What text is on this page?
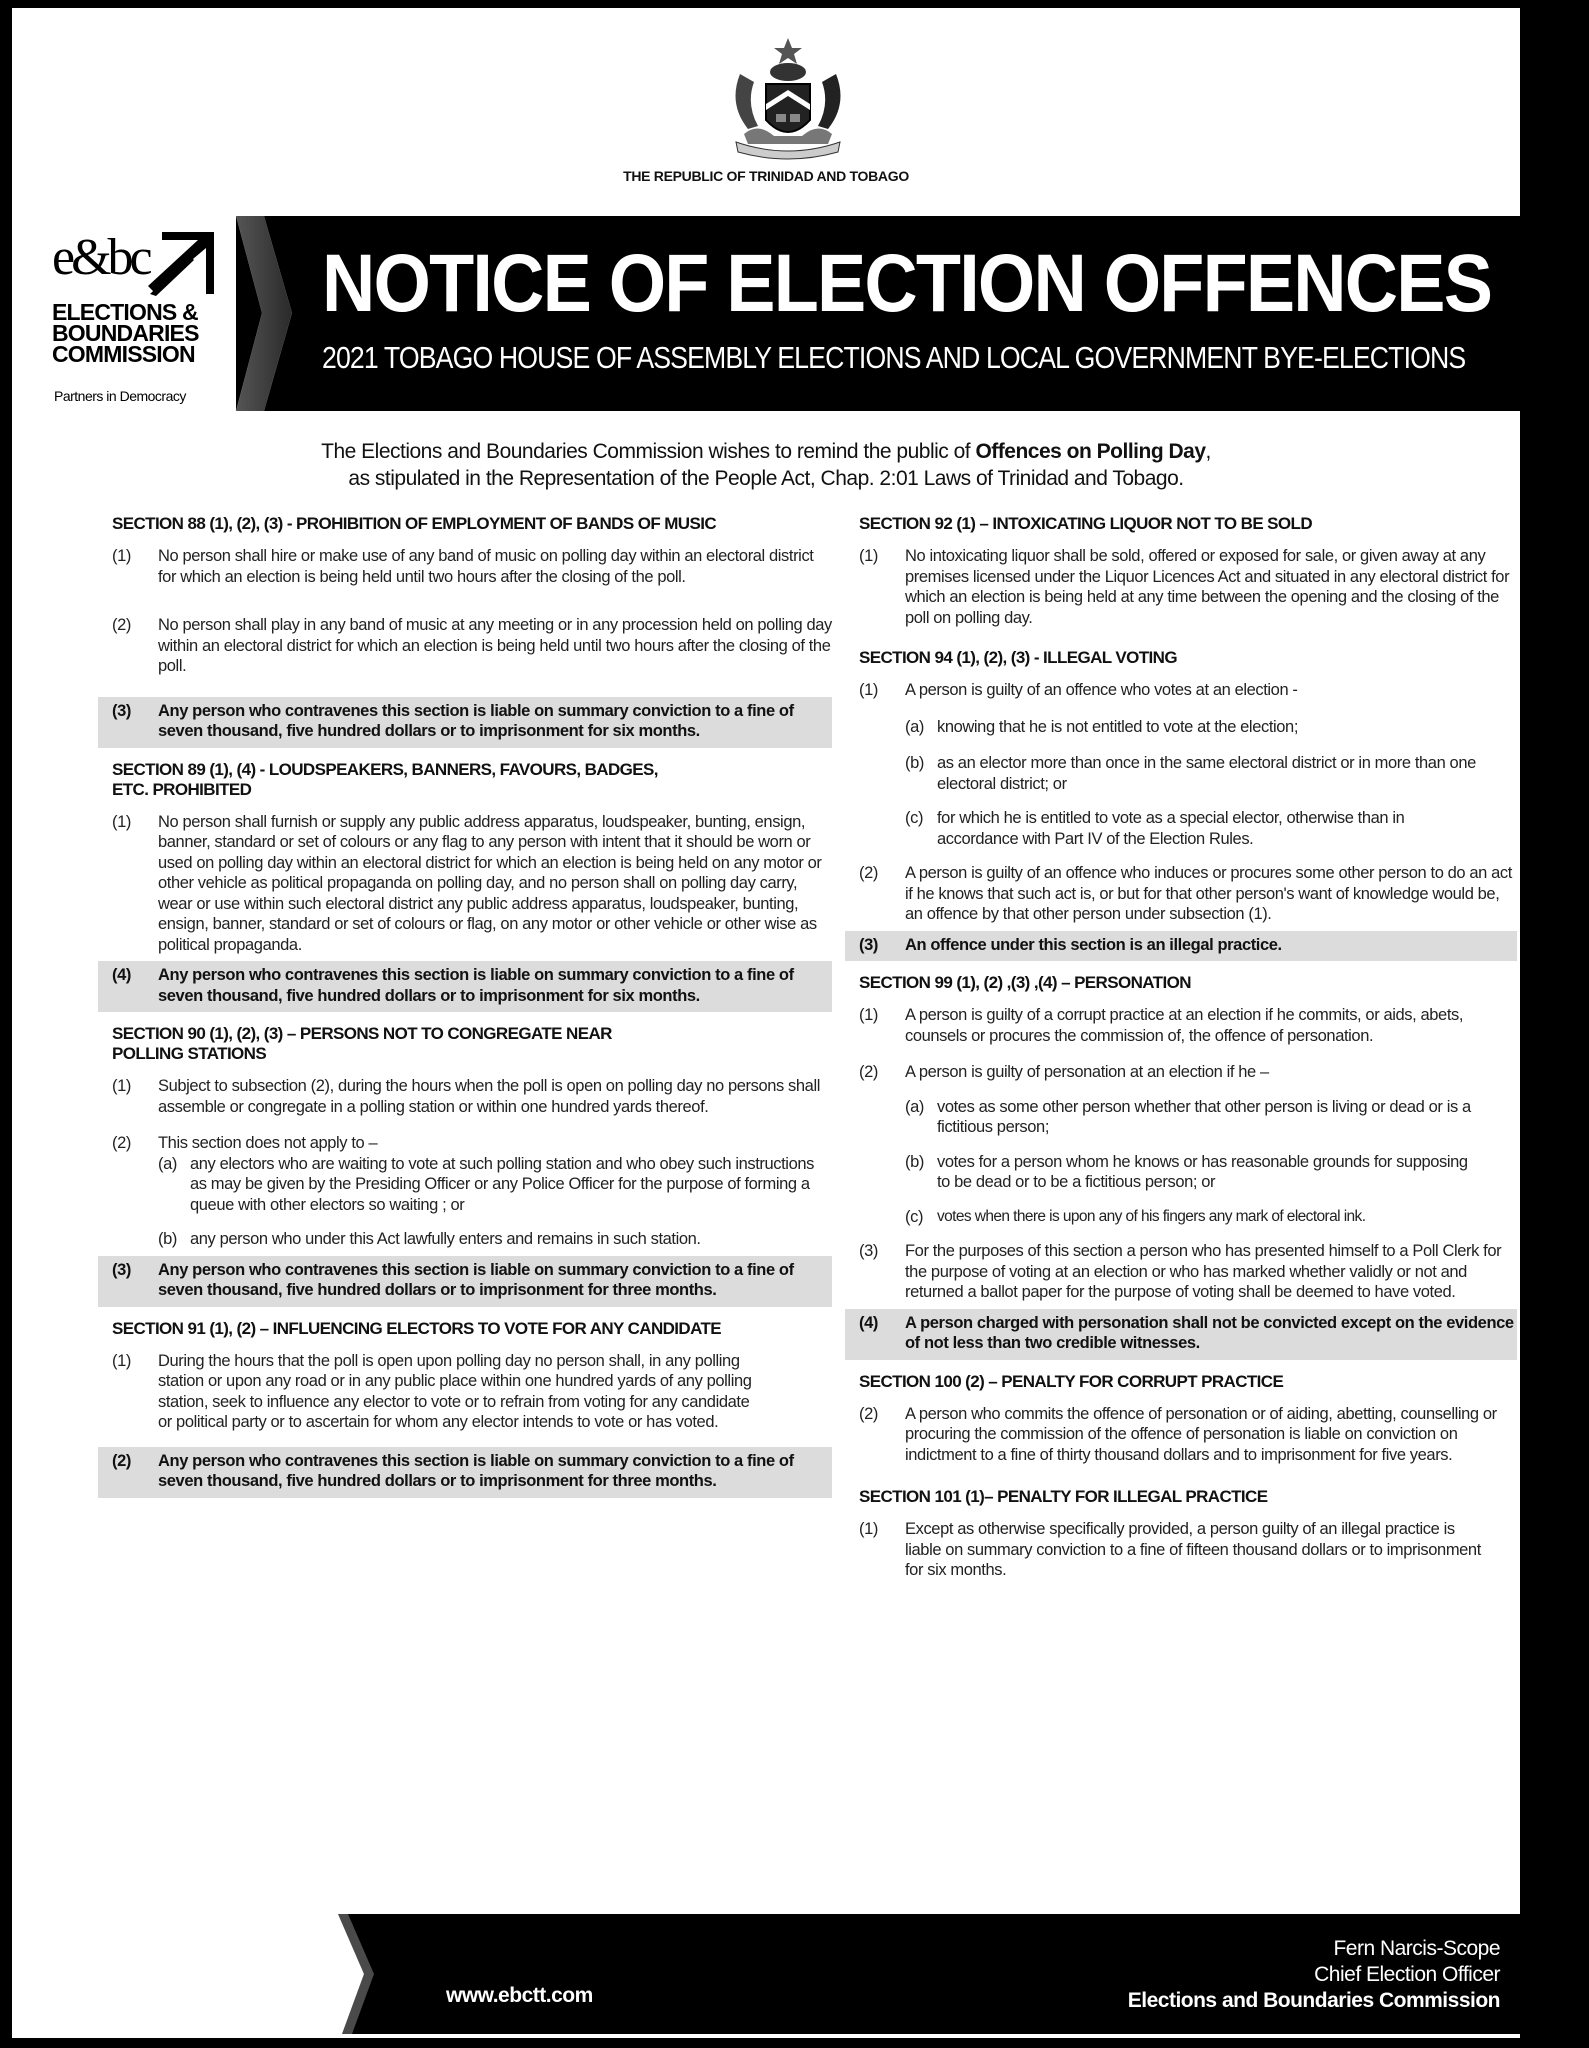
THE REPUBLIC OF TRINIDAD AND TOBAGO
e&bc
ELECTIONS &
BOUNDARIES
COMMISSION
Partners in Democracy
NOTICE OF ELECTION OFFENCES
2021 TOBAGO HOUSE OF ASSEMBLY ELECTIONS AND LOCAL GOVERNMENT BYE-ELECTIONS
The Elections and Boundaries Commission wishes to remind the public of Offences on Polling Day,
as stipulated in the Representation of the People Act, Chap. 2:01 Laws of Trinidad and Tobago.
SECTION 88 (1), (2), (3) - PROHIBITION OF EMPLOYMENT OF BANDS OF MUSIC
(1)	No person shall hire or make use of any band of music on polling day within an electoral district for which an election is being held until two hours after the closing of the poll.
(2)	No person shall play in any band of music at any meeting or in any procession held on polling day within an electoral district for which an election is being held until two hours after the closing of the poll.
(3)	Any person who contravenes this section is liable on summary conviction to a fine of seven thousand, five hundred dollars or to imprisonment for six months.
SECTION 89 (1), (4) - LOUDSPEAKERS, BANNERS, FAVOURS, BADGES, ETC. PROHIBITED
(1)	No person shall furnish or supply any public address apparatus, loudspeaker, bunting, ensign, banner, standard or set of colours or any flag to any person with intent that it should be worn or used on polling day within an electoral district for which an election is being held on any motor or other vehicle as political propaganda on polling day, and no person shall on polling day carry, wear or use within such electoral district any public address apparatus, loudspeaker, bunting, ensign, banner, standard or set of colours or flag, on any motor or other vehicle or other wise as political propaganda.
(4)	Any person who contravenes this section is liable on summary conviction to a fine of seven thousand, five hundred dollars or to imprisonment for six months.
SECTION 90 (1), (2), (3) – PERSONS NOT TO CONGREGATE NEAR POLLING STATIONS
(1)	Subject to subsection (2), during the hours when the poll is open on polling day no persons shall assemble or congregate in a polling station or within one hundred yards thereof.
(2)	This section does not apply to –
(a) any electors who are waiting to vote at such polling station and who obey such instructions as may be given by the Presiding Officer or any Police Officer for the purpose of forming a queue with other electors so waiting ; or
(b) any person who under this Act lawfully enters and remains in such station.
(3)	Any person who contravenes this section is liable on summary conviction to a fine of seven thousand, five hundred dollars or to imprisonment for three months.
SECTION 91 (1), (2) – INFLUENCING ELECTORS TO VOTE FOR ANY CANDIDATE
(1)	During the hours that the poll is open upon polling day no person shall, in any polling station or upon any road or in any public place within one hundred yards of any polling station, seek to influence any elector to vote or to refrain from voting for any candidate or political party or to ascertain for whom any elector intends to vote or has voted.
(2)	Any person who contravenes this section is liable on summary conviction to a fine of seven thousand, five hundred dollars or to imprisonment for three months.
SECTION 92 (1) – INTOXICATING LIQUOR NOT TO BE SOLD
(1)	No intoxicating liquor shall be sold, offered or exposed for sale, or given away at any premises licensed under the Liquor Licences Act and situated in any electoral district for which an election is being held at any time between the opening and the closing of the poll on polling day.
SECTION 94 (1), (2), (3) - ILLEGAL VOTING
(1)	A person is guilty of an offence who votes at an election -
(a) knowing that he is not entitled to vote at the election;
(b) as an elector more than once in the same electoral district or in more than one electoral district; or
(c) for which he is entitled to vote as a special elector, otherwise than in accordance with Part IV of the Election Rules.
(2)	A person is guilty of an offence who induces or procures some other person to do an act if he knows that such act is, or but for that other person's want of knowledge would be, an offence by that other person under subsection (1).
(3)	An offence under this section is an illegal practice.
SECTION 99 (1), (2) ,(3) ,(4) – PERSONATION
(1)	A person is guilty of a corrupt practice at an election if he commits, or aids, abets, counsels or procures the commission of, the offence of personation.
(2)	A person is guilty of personation at an election if he –
(a) votes as some other person whether that other person is living or dead or is a fictitious person;
(b) votes for a person whom he knows or has reasonable grounds for supposing to be dead or to be a fictitious person; or
(c) votes when there is upon any of his fingers any mark of electoral ink.
(3)	For the purposes of this section a person who has presented himself to a Poll Clerk for the purpose of voting at an election or who has marked whether validly or not and returned a ballot paper for the purpose of voting shall be deemed to have voted.
(4)	A person charged with personation shall not be convicted except on the evidence of not less than two credible witnesses.
SECTION 100 (2) – PENALTY FOR CORRUPT PRACTICE
(2)	A person who commits the offence of personation or of aiding, abetting, counselling or procuring the commission of the offence of personation is liable on conviction on indictment to a fine of thirty thousand dollars and to imprisonment for five years.
SECTION 101 (1)– PENALTY FOR ILLEGAL PRACTICE
(1)	Except as otherwise specifically provided, a person guilty of an illegal practice is liable on summary conviction to a fine of fifteen thousand dollars or to imprisonment for six months.
www.ebctt.com
Fern Narcis-Scope
Chief Election Officer
Elections and Boundaries Commission
